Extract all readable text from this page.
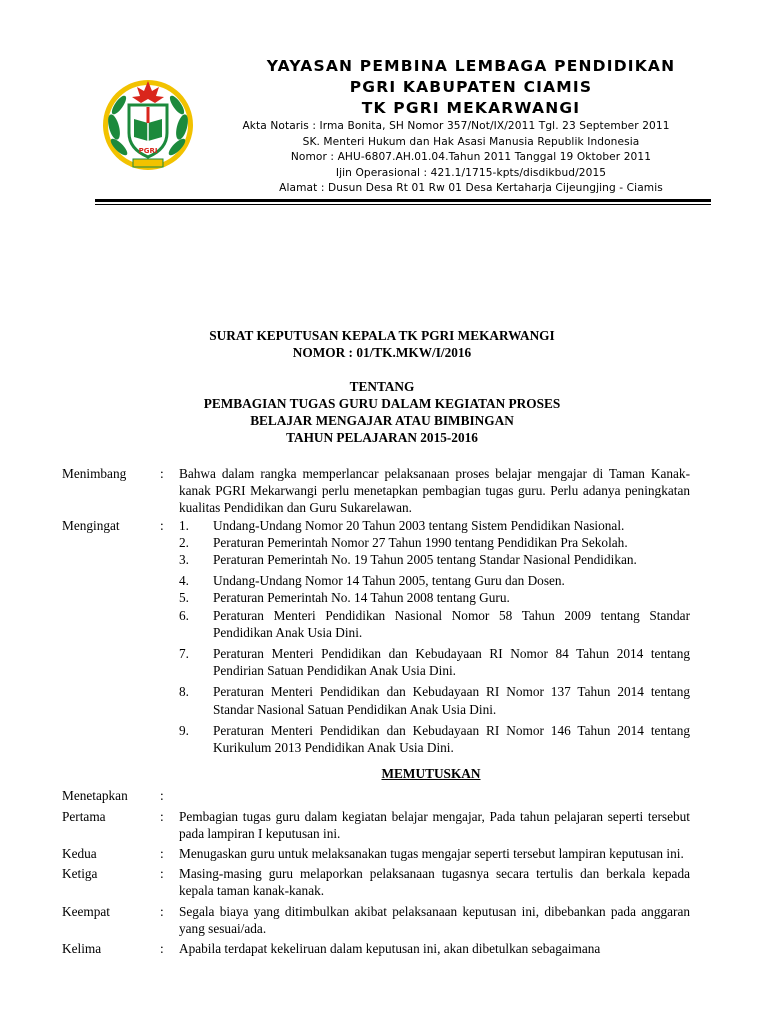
PGRI
YAYASAN PEMBINA LEMBAGA PENDIDIKAN
PGRI KABUPATEN CIAMIS
TK PGRI MEKARWANGI
Akta Notaris : Irma Bonita, SH Nomor 357/Not/IX/2011 Tgl. 23 September 2011
SK. Menteri Hukum dan Hak Asasi Manusia Republik Indonesia
Nomor : AHU-6807.AH.01.04.Tahun 2011 Tanggal 19 Oktober 2011
Ijin Operasional : 421.1/1715-kpts/disdikbud/2015
Alamat : Dusun Desa Rt 01 Rw 01 Desa Kertaharja Cijeungjing - Ciamis
SURAT KEPUTUSAN KEPALA TK PGRI MEKARWANGI
NOMOR : 01/TK.MKW/I/2016
TENTANG
PEMBAGIAN TUGAS GURU DALAM KEGIATAN PROSES
BELAJAR MENGAJAR ATAU BIMBINGAN
TAHUN PELAJARAN 2015-2016
Menimbang	:	Bahwa dalam rangka memperlancar pelaksanaan proses belajar mengajar di Taman Kanak-kanak PGRI Mekarwangi perlu menetapkan pembagian tugas guru. Perlu adanya peningkatan kualitas Pendidikan dan Guru Sukarelawan.
Mengingat	:	1.	Undang-Undang Nomor 20 Tahun 2003 tentang Sistem Pendidikan Nasional.
2.	Peraturan Pemerintah Nomor 27 Tahun 1990 tentang Pendidikan Pra Sekolah.
3.	Peraturan Pemerintah No. 19 Tahun 2005 tentang Standar Nasional Pendidikan.
4.	Undang-Undang Nomor 14 Tahun 2005, tentang Guru dan Dosen.
5.	Peraturan Pemerintah No. 14 Tahun 2008 tentang Guru.
6.	Peraturan Menteri Pendidikan Nasional Nomor 58 Tahun 2009 tentang Standar Pendidikan Anak Usia Dini.
7.	Peraturan Menteri Pendidikan dan Kebudayaan RI Nomor 84 Tahun 2014 tentang Pendirian Satuan Pendidikan Anak Usia Dini.
8.	Peraturan Menteri Pendidikan dan Kebudayaan RI Nomor 137 Tahun 2014 tentang Standar Nasional Satuan Pendidikan Anak Usia Dini.
9.	Peraturan Menteri Pendidikan dan Kebudayaan RI Nomor 146 Tahun 2014 tentang Kurikulum 2013 Pendidikan Anak Usia Dini.
MEMUTUSKAN
Menetapkan	:
Pertama	:	Pembagian tugas guru dalam kegiatan belajar mengajar, Pada tahun pelajaran seperti tersebut pada lampiran I keputusan ini.
Kedua	:	Menugaskan guru untuk melaksanakan tugas mengajar seperti tersebut lampiran keputusan ini.
Ketiga	:	Masing-masing guru melaporkan pelaksanaan tugasnya secara tertulis dan berkala kepada kepala taman kanak-kanak.
Keempat	:	Segala biaya yang ditimbulkan akibat pelaksanaan keputusan ini, dibebankan pada anggaran yang sesuai/ada.
Kelima	:	Apabila terdapat kekeliruan dalam keputusan ini, akan dibetulkan sebagaimana
